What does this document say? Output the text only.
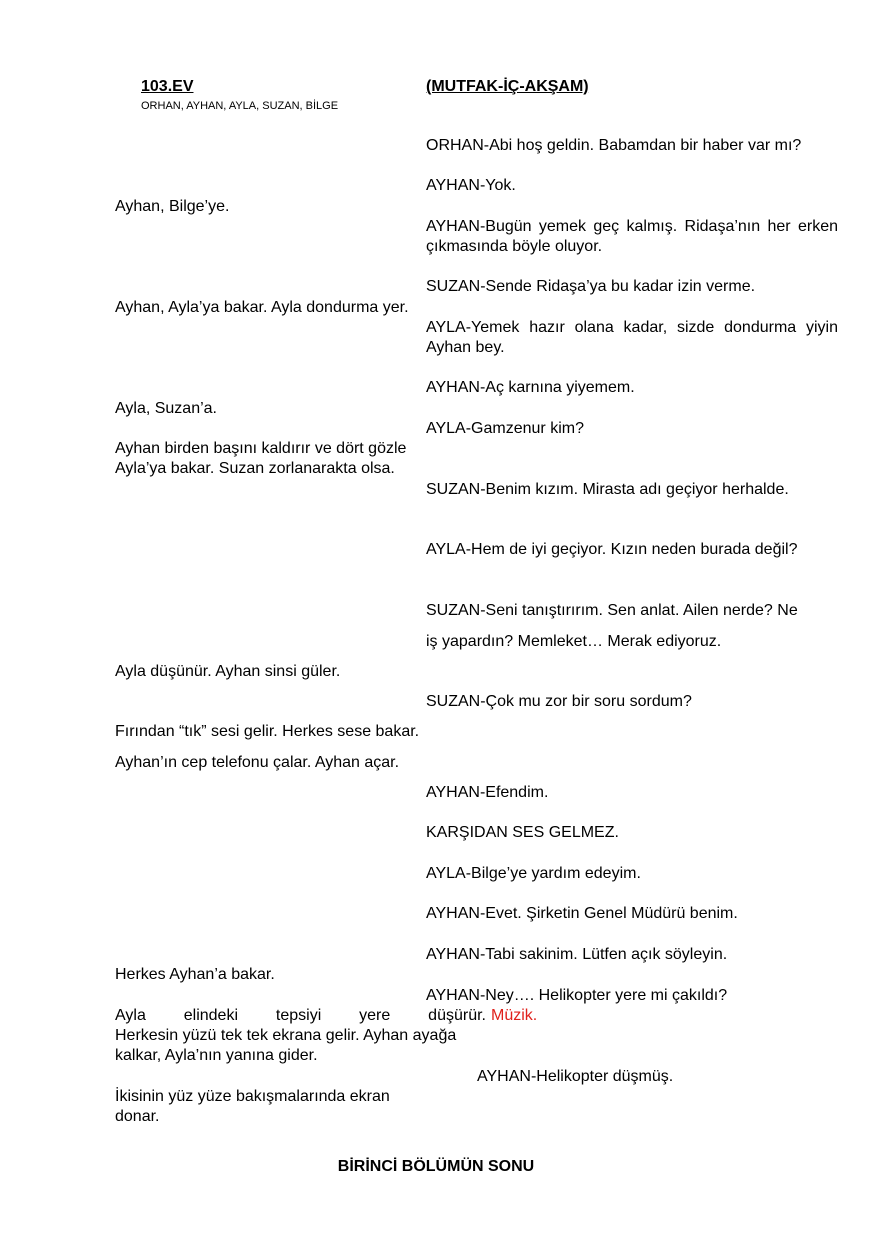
103.EV	(MUTFAK-İÇ-AKŞAM)
ORHAN, AYHAN, AYLA, SUZAN, BİLGE
ORHAN-Abi hoş geldin. Babamdan bir haber var mı?
AYHAN-Yok.
AYHAN-Bugün yemek geç kalmış. Ridaşa’nın her erken çıkmasında böyle oluyor.
SUZAN-Sende Ridaşa’ya bu kadar izin verme.
AYLA-Yemek hazır olana kadar, sizde dondurma yiyin Ayhan bey.
AYHAN-Aç karnına yiyemem.
AYLA-Gamzenur kim?
SUZAN-Benim kızım. Mirasta adı geçiyor herhalde.
AYLA-Hem de iyi geçiyor. Kızın neden burada değil?
SUZAN-Seni tanıştırırım. Sen anlat. Ailen nerde? Ne
iş yapardın? Memleket… Merak ediyoruz.
SUZAN-Çok mu zor bir soru sordum?
AYHAN-Efendim.
KARŞIDAN SES GELMEZ.
AYLA-Bilge’ye yardım edeyim.
AYHAN-Evet. Şirketin Genel Müdürü benim.
AYHAN-Tabi sakinim. Lütfen açık söyleyin.
AYHAN-Ney…. Helikopter yere mi çakıldı?
AYHAN-Helikopter düşmüş.
Ayhan, Bilge’ye.
Ayhan, Ayla’ya bakar. Ayla dondurma yer.
Ayla, Suzan’a.
Ayhan birden başını kaldırır ve dört gözle
Ayla’ya bakar. Suzan zorlanarakta olsa.
Ayla düşünür. Ayhan sinsi güler.
Fırından “tık” sesi gelir. Herkes sese bakar.
Ayhan’ın cep telefonu çalar. Ayhan açar.
Herkes Ayhan’a bakar.
Ayla elindeki tepsiyi yere düşürür. Müzik.
Herkesin yüzü tek tek ekrana gelir. Ayhan ayağa
kalkar, Ayla’nın yanına gider.
İkisinin yüz yüze bakışmalarında ekran
donar.
BİRİNCİ BÖLÜMÜN SONU
